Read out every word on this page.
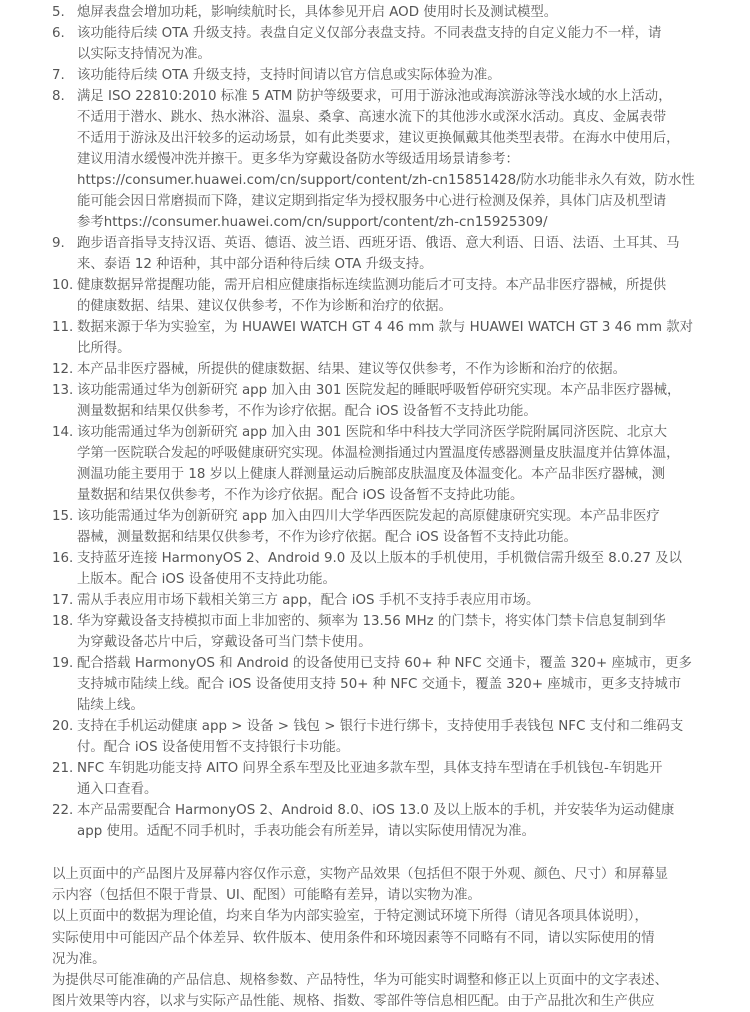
5. 熄屏表盘会增加功耗，影响续航时长，具体参见开启 AOD 使用时长及测试模型。
6. 该功能待后续 OTA 升级支持。表盘自定义仅部分表盘支持。不同表盘支持的自定义能力不一样，请
以实际支持情况为准。
7. 该功能待后续 OTA 升级支持，支持时间请以官方信息或实际体验为准。
8. 满足 ISO 22810:2010 标准 5 ATM 防护等级要求，可用于游泳池或海滨游泳等浅水域的水上活动，
不适用于潜水、跳水、热水淋浴、温泉、桑拿、高速水流下的其他涉水或深水活动。真皮、金属表带
不适用于游泳及出汗较多的运动场景，如有此类要求，建议更换佩戴其他类型表带。在海水中使用后，
建议用清水缓慢冲洗并擦干。更多华为穿戴设备防水等级适用场景请参考：
https://consumer.huawei.com/cn/support/content/zh-cn15851428/防水功能非永久有效，防水性
能可能会因日常磨损而下降，建议定期到指定华为授权服务中心进行检测及保养，具体门店及机型请
参考https://consumer.huawei.com/cn/support/content/zh-cn15925309/
9. 跑步语音指导支持汉语、英语、德语、波兰语、西班牙语、俄语、意大利语、日语、法语、土耳其、马
来、泰语 12 种语种，其中部分语种待后续 OTA 升级支持。
10. 健康数据异常提醒功能，需开启相应健康指标连续监测功能后才可支持。本产品非医疗器械，所提供
的健康数据、结果、建议仅供参考，不作为诊断和治疗的依据。
11. 数据来源于华为实验室，为 HUAWEI WATCH GT 4 46 mm 款与 HUAWEI WATCH GT 3 46 mm 款对
比所得。
12. 本产品非医疗器械，所提供的健康数据、结果、建议等仅供参考，不作为诊断和治疗的依据。
13. 该功能需通过华为创新研究 app 加入由 301 医院发起的睡眠呼吸暂停研究实现。本产品非医疗器械，
测量数据和结果仅供参考，不作为诊疗依据。配合 iOS 设备暂不支持此功能。
14. 该功能需通过华为创新研究 app 加入由 301 医院和华中科技大学同济医学院附属同济医院、北京大
学第一医院联合发起的呼吸健康研究实现。体温检测指通过内置温度传感器测量皮肤温度并估算体温，
测温功能主要用于 18 岁以上健康人群测量运动后腕部皮肤温度及体温变化。本产品非医疗器械，测
量数据和结果仅供参考，不作为诊疗依据。配合 iOS 设备暂不支持此功能。
15. 该功能需通过华为创新研究 app 加入由四川大学华西医院发起的高原健康研究实现。本产品非医疗
器械，测量数据和结果仅供参考，不作为诊疗依据。配合 iOS 设备暂不支持此功能。
16. 支持蓝牙连接 HarmonyOS 2、Android 9.0 及以上版本的手机使用，手机微信需升级至 8.0.27 及以
上版本。配合 iOS 设备使用不支持此功能。
17. 需从手表应用市场下载相关第三方 app，配合 iOS 手机不支持手表应用市场。
18. 华为穿戴设备支持模拟市面上非加密的、频率为 13.56 MHz 的门禁卡，将实体门禁卡信息复制到华
为穿戴设备芯片中后，穿戴设备可当门禁卡使用。
19. 配合搭载 HarmonyOS 和 Android 的设备使用已支持 60+ 种 NFC 交通卡，覆盖 320+ 座城市，更多
支持城市陆续上线。配合 iOS 设备使用支持 50+ 种 NFC 交通卡，覆盖 320+ 座城市，更多支持城市
陆续上线。
20. 支持在手机运动健康 app > 设备 > 钱包 > 银行卡进行绑卡，支持使用手表钱包 NFC 支付和二维码支
付。配合 iOS 设备使用暂不支持银行卡功能。
21. NFC 车钥匙功能支持 AITO 问界全系车型及比亚迪多款车型，具体支持车型请在手机钱包-车钥匙开
通入口查看。
22. 本产品需要配合 HarmonyOS 2、Android 8.0、iOS 13.0 及以上版本的手机，并安装华为运动健康
app 使用。适配不同手机时，手表功能会有所差异，请以实际使用情况为准。
以上页面中的产品图片及屏幕内容仅作示意，实物产品效果（包括但不限于外观、颜色、尺寸）和屏幕显
示内容（包括但不限于背景、UI、配图）可能略有差异，请以实物为准。
以上页面中的数据为理论值，均来自华为内部实验室，于特定测试环境下所得（请见各项具体说明），
实际使用中可能因产品个体差异、软件版本、使用条件和环境因素等不同略有不同，请以实际使用的情
况为准。
为提供尽可能准确的产品信息、规格参数、产品特性，华为可能实时调整和修正以上页面中的文字表述、
图片效果等内容，以求与实际产品性能、规格、指数、零部件等信息相匹配。由于产品批次和生产供应
